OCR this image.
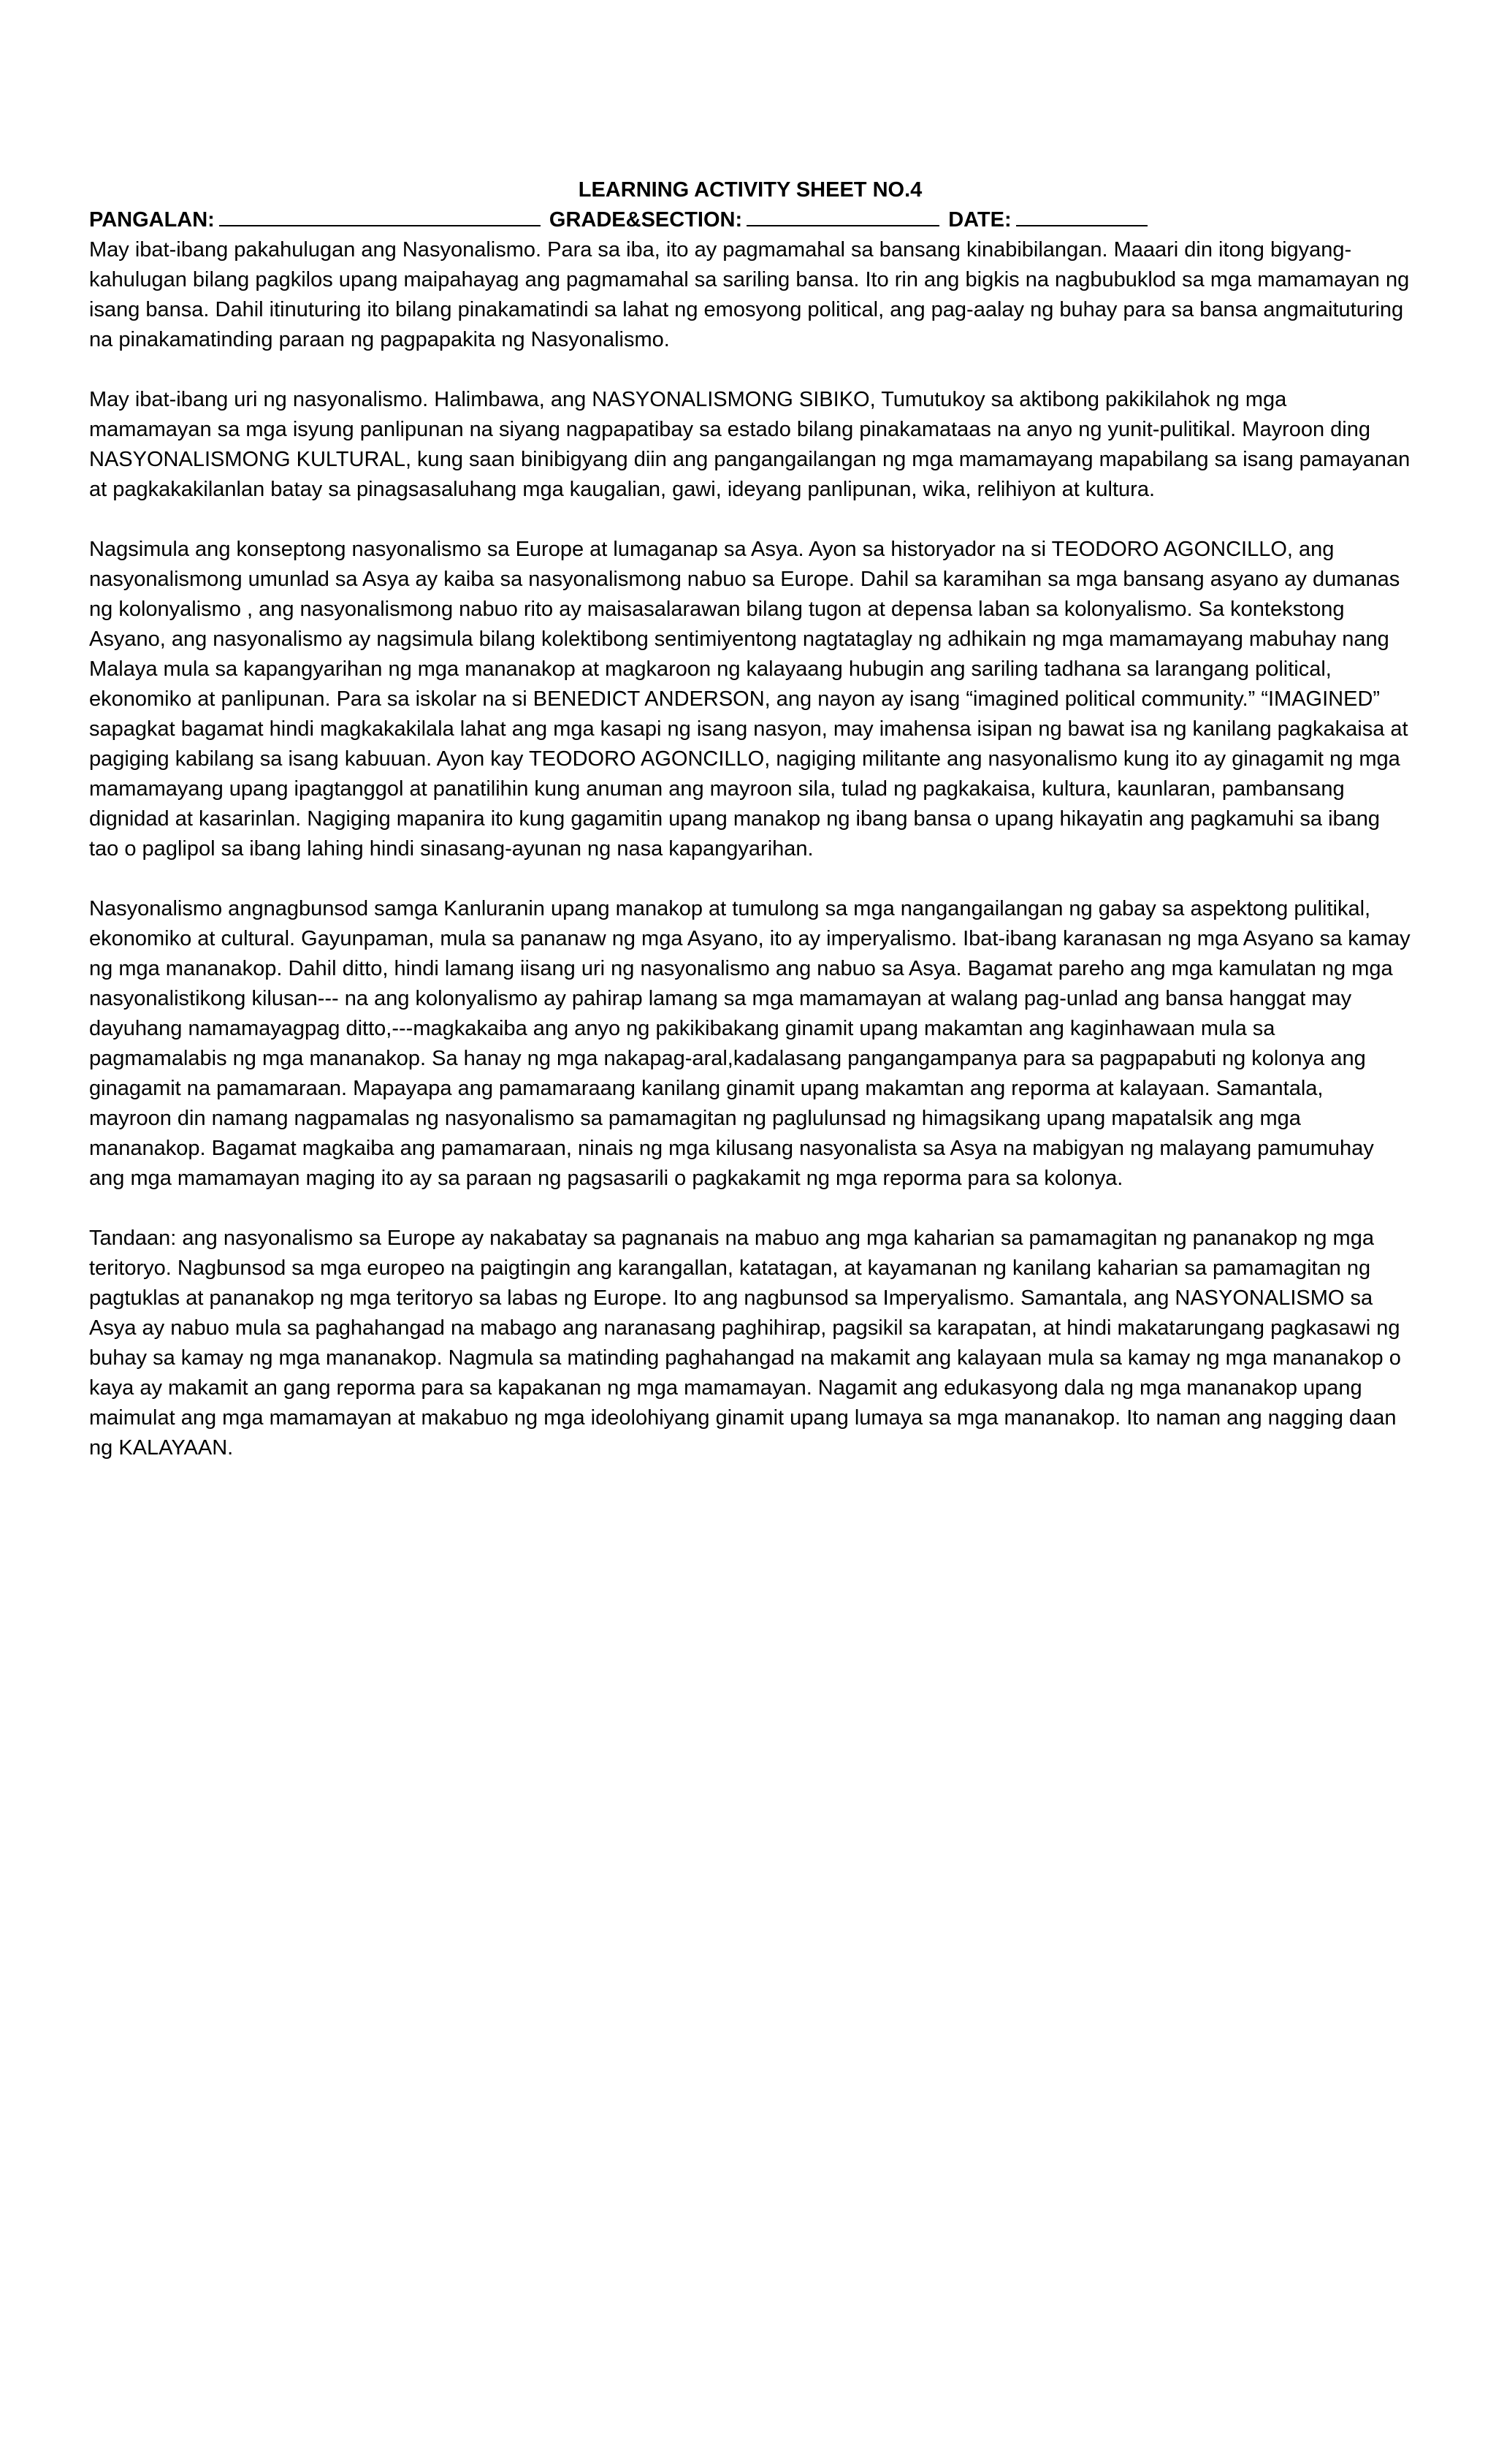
LEARNING ACTIVITY SHEET NO.4

PANGALAN:	GRADE&SECTION:	DATE:

May ibat-ibang pakahulugan ang Nasyonalismo. Para sa iba, ito ay pagmamahal sa bansang kinabibilangan. Maaari din itong bigyang-kahulugan bilang pagkilos upang maipahayag ang pagmamahal sa sariling bansa. Ito rin ang bigkis na nagbubuklod sa mga mamamayan ng isang bansa. Dahil itinuturing ito bilang pinakamatindi sa lahat ng emosyong political, ang pag-aalay ng buhay para sa bansa angmaituturing na pinakamatinding paraan ng pagpapakita ng Nasyonalismo.

May ibat-ibang uri ng nasyonalismo. Halimbawa, ang NASYONALISMONG SIBIKO, Tumutukoy sa aktibong pakikilahok ng mga mamamayan sa mga isyung panlipunan na siyang nagpapatibay sa estado bilang pinakamataas na anyo ng yunit-pulitikal. Mayroon ding NASYONALISMONG KULTURAL, kung saan binibigyang diin ang pangangailangan ng mga mamamayang mapabilang sa isang pamayanan at pagkakakilanlan batay sa pinagsasaluhang mga kaugalian, gawi, ideyang panlipunan, wika, relihiyon at kultura.

Nagsimula ang konseptong nasyonalismo sa Europe at lumaganap sa Asya. Ayon sa historyador na si TEODORO AGONCILLO, ang nasyonalismong umunlad sa Asya ay kaiba sa nasyonalismong nabuo sa Europe. Dahil sa karamihan sa mga bansang asyano ay dumanas ng kolonyalismo , ang nasyonalismong nabuo rito ay maisasalarawan bilang tugon at depensa laban sa kolonyalismo. Sa kontekstong Asyano, ang nasyonalismo ay nagsimula bilang kolektibong sentimiyentong nagtataglay ng adhikain ng mga mamamayang mabuhay nang Malaya mula sa kapangyarihan ng mga mananakop at magkaroon ng kalayaang hubugin ang sariling tadhana sa larangang political, ekonomiko at panlipunan. Para sa iskolar na si BENEDICT ANDERSON, ang nayon ay isang “imagined political community.” “IMAGINED” sapagkat bagamat hindi magkakakilala lahat ang mga kasapi ng isang nasyon, may imahensa isipan ng bawat isa ng kanilang pagkakaisa at pagiging kabilang sa isang kabuuan. Ayon kay TEODORO AGONCILLO, nagiging militante ang nasyonalismo kung ito ay ginagamit ng mga mamamayang upang ipagtanggol at panatilihin kung anuman ang mayroon sila, tulad ng pagkakaisa, kultura, kaunlaran, pambansang dignidad at kasarinlan. Nagiging mapanira ito kung gagamitin upang manakop ng ibang bansa o upang hikayatin ang pagkamuhi sa ibang tao o paglipol sa ibang lahing hindi sinasang-ayunan ng nasa kapangyarihan.

Nasyonalismo angnagbunsod samga Kanluranin upang manakop at tumulong sa mga nangangailangan ng gabay sa aspektong pulitikal, ekonomiko at cultural. Gayunpaman, mula sa pananaw ng mga Asyano, ito ay imperyalismo. Ibat-ibang karanasan ng mga Asyano sa kamay ng mga mananakop. Dahil ditto, hindi lamang iisang uri ng nasyonalismo ang nabuo sa Asya. Bagamat pareho ang mga kamulatan ng mga nasyonalistikong kilusan--- na ang kolonyalismo ay pahirap lamang sa mga mamamayan at walang pag-unlad ang bansa hanggat may dayuhang namamayagpag ditto,---magkakaiba ang anyo ng pakikibakang ginamit upang makamtan ang kaginhawaan mula sa pagmamalabis ng mga mananakop. Sa hanay ng mga nakapag-aral,kadalasang pangangampanya para sa pagpapabuti ng kolonya ang ginagamit na pamamaraan. Mapayapa ang pamamaraang kanilang ginamit upang makamtan ang reporma at kalayaan. Samantala, mayroon din namang nagpamalas ng nasyonalismo sa pamamagitan ng paglulunsad ng himagsikang upang mapatalsik ang mga mananakop. Bagamat magkaiba ang pamamaraan, ninais ng mga kilusang nasyonalista sa Asya na mabigyan ng malayang pamumuhay ang mga mamamayan maging ito ay sa paraan ng pagsasarili o pagkakamit ng mga reporma para sa kolonya.

Tandaan: ang nasyonalismo sa Europe ay nakabatay sa pagnanais na mabuo ang mga kaharian sa pamamagitan ng pananakop ng mga teritoryo. Nagbunsod sa mga europeo na paigtingin ang karangallan, katatagan, at kayamanan ng kanilang kaharian sa pamamagitan ng pagtuklas at pananakop ng mga teritoryo sa labas ng Europe. Ito ang nagbunsod sa Imperyalismo. Samantala, ang NASYONALISMO sa Asya ay nabuo mula sa paghahangad na mabago ang naranasang paghihirap, pagsikil sa karapatan, at hindi makatarungang pagkasawi ng buhay sa kamay ng mga mananakop. Nagmula sa matinding paghahangad na makamit ang kalayaan mula sa kamay ng mga mananakop o kaya ay makamit an gang reporma para sa kapakanan ng mga mamamayan. Nagamit ang edukasyong dala ng mga mananakop upang maimulat ang mga mamamayan at makabuo ng mga ideolohiyang ginamit upang lumaya sa mga mananakop. Ito naman ang nagging daan ng KALAYAAN.
